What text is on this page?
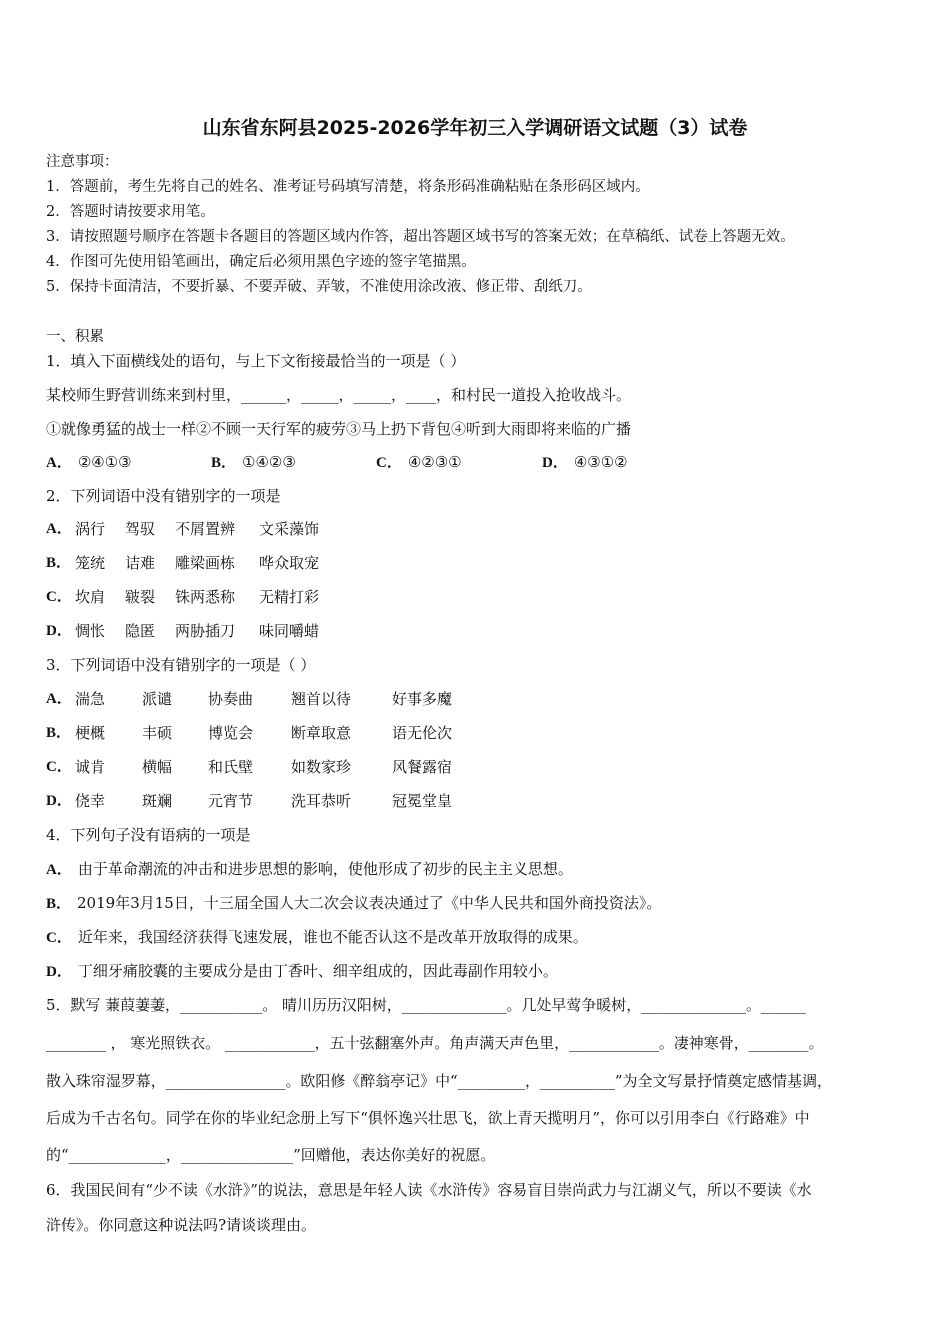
山东省东阿县2025-2026学年初三入学调研语文试题（3）试卷
注意事项：
1．答题前，考生先将自己的姓名、准考证号码填写清楚，将条形码准确粘贴在条形码区域内。
2．答题时请按要求用笔。
3．请按照题号顺序在答题卡各题目的答题区域内作答，超出答题区域书写的答案无效；在草稿纸、试卷上答题无效。
4．作图可先使用铅笔画出，确定后必须用黑色字迹的签字笔描黑。
5．保持卡面清洁，不要折暴、不要弄破、弄皱，不准使用涂改液、修正带、刮纸刀。
一、积累
1．填入下面横线处的语句，与上下文衔接最恰当的一项是（ ）
某校师生野营训练来到村里，______，_____，_____，____，和村民一道投入抢收战斗。
①就像勇猛的战士一样②不顾一天行军的疲劳③马上扔下背包④听到大雨即将来临的广播
A． ②④①③	B． ①④②③	C． ④②③①	D． ④③①②
2．下列词语中没有错别字的一项是
A． 涡行 驾驭 不屑置辨 文采藻饰
B． 笼统 诘难 雕梁画栋 哗众取宠
C． 坎肩 皲裂 铢两悉称 无精打彩
D． 惆怅 隐匿 两胁插刀 味同嚼蜡
3．下列词语中没有错别字的一项是（ ）
A． 湍急 派谴 协奏曲	翘首以待	好事多魔
B． 梗概 丰硕 博览会	断章取意	语无伦次
C． 诚肯 横幅 和氏壁	如数家珍	风餐露宿
D． 侥幸 斑斓 元宵节	洗耳恭听	冠冕堂皇
4．下列句子没有语病的一项是
A． 由于革命潮流的冲击和进步思想的影响，使他形成了初步的民主主义思想。
B． 2019年3月15日，十三届全国人大二次会议表决通过了《中华人民共和国外商投资法》。
C． 近年来，我国经济获得飞速发展，谁也不能否认这不是改革开放取得的成果。
D． 丁细牙痛胶囊的主要成分是由丁香叶、细辛组成的，因此毒副作用较小。
5．默写 蒹葭萋萋，___________。 晴川历历汉阳树，______________。几处早莺争暖树，______________。______
________ ， 寒光照铁衣。 ____________，五十弦翻塞外声。角声满天声色里，____________。凄神寒骨，________。
散入珠帘湿罗幕，________________。欧阳修《醉翁亭记》中“_________，__________”为全文写景抒情奠定感情基调，
后成为千古名句。同学在你的毕业纪念册上写下“俱怀逸兴壮思飞，欲上青天揽明月”，你可以引用李白《行路难》中
的“_____________，_______________”回赠他，表达你美好的祝愿。
6．我国民间有“少不读《水浒》”的说法，意思是年轻人读《水浒传》容易盲目崇尚武力与江湖义气，所以不要读《水
浒传》。你同意这种说法吗?请谈谈理由。
